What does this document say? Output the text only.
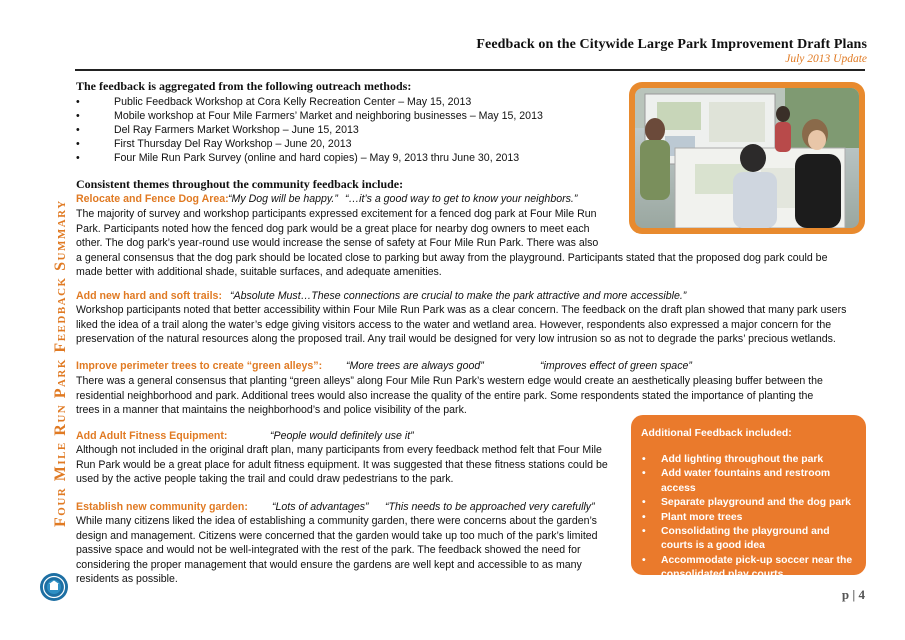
Feedback on the Citywide Large Park Improvement Draft Plans
July 2013 Update
Four Mile Run Park Feedback Summary
The feedback is aggregated from the following outreach methods:
• Public Feedback Workshop at Cora Kelly Recreation Center – May 15, 2013
• Mobile workshop at Four Mile Farmers’ Market and neighboring businesses – May 15, 2013
• Del Ray Farmers Market Workshop – June 15, 2013
• First Thursday Del Ray Workshop – June 20, 2013
• Four Mile Run Park Survey (online and hard copies) – May 9, 2013 thru June 30, 2013
Consistent themes throughout the community feedback include:
Relocate and Fence Dog Area: “My Dog will be happy.” “…it’s a good way to get to know your neighbors.”
The majority of survey and workshop participants expressed excitement for a fenced dog park at Four Mile Run
Park. Participants noted how the fenced dog park would be a great place for nearby dog owners to meet each
other. The dog park’s year-round use would increase the sense of safety at Four Mile Run Park. There was also
a general consensus that the dog park should be located close to parking but away from the playground. Participants stated that the proposed dog park could be
made better with additional shade, suitable surfaces, and adequate amenities.
Add new hard and soft trails: “Absolute Must…These connections are crucial to make the park attractive and more accessible.”
Workshop participants noted that better accessibility within Four Mile Run Park was as a clear concern. The feedback on the draft plan showed that many park users
liked the idea of a trail along the water’s edge giving visitors access to the water and wetland area. However, respondents also expressed a major concern for the
preservation of the natural resources along the proposed trail. Any trail would be designed for very low intrusion so as not to degrade the parks’ precious wetlands.
Improve perimeter trees to create “green alleys”: “More trees are always good”	“improves effect of green space”
There was a general consensus that planting “green alleys” along Four Mile Run Park’s western edge would create an aesthetically pleasing buffer between the
residential neighborhood and park. Additional trees would also increase the quality of the entire park. Some respondents stated the importance of planting the
trees in a manner that maintains the neighborhood’s and police visibility of the park.
Add Adult Fitness Equipment:	“People would definitely use it”
Although not included in the original draft plan, many participants from every feedback method felt that Four Mile
Run Park would be a great place for adult fitness equipment. It was suggested that these fitness stations could be
used by the active people taking the trail and could draw pedestrians to the park.
Establish new community garden: “Lots of advantages” “This needs to be approached very carefully”
While many citizens liked the idea of establishing a community garden, there were concerns about the garden’s
design and management. Citizens were concerned that the garden would take up too much of the park’s limited
passive space and would not be well-integrated with the rest of the park. The feedback showed the need for
considering the proper management that would ensure the gardens are well kept and accessible to as many
residents as possible.
Additional Feedback included:
• Add lighting throughout the park
• Add water fountains and restroom access
• Separate playground and the dog park
• Plant more trees
• Consolidating the playground and courts is a good idea
• Accommodate pick-up soccer near the consolidated play courts
p | 4
